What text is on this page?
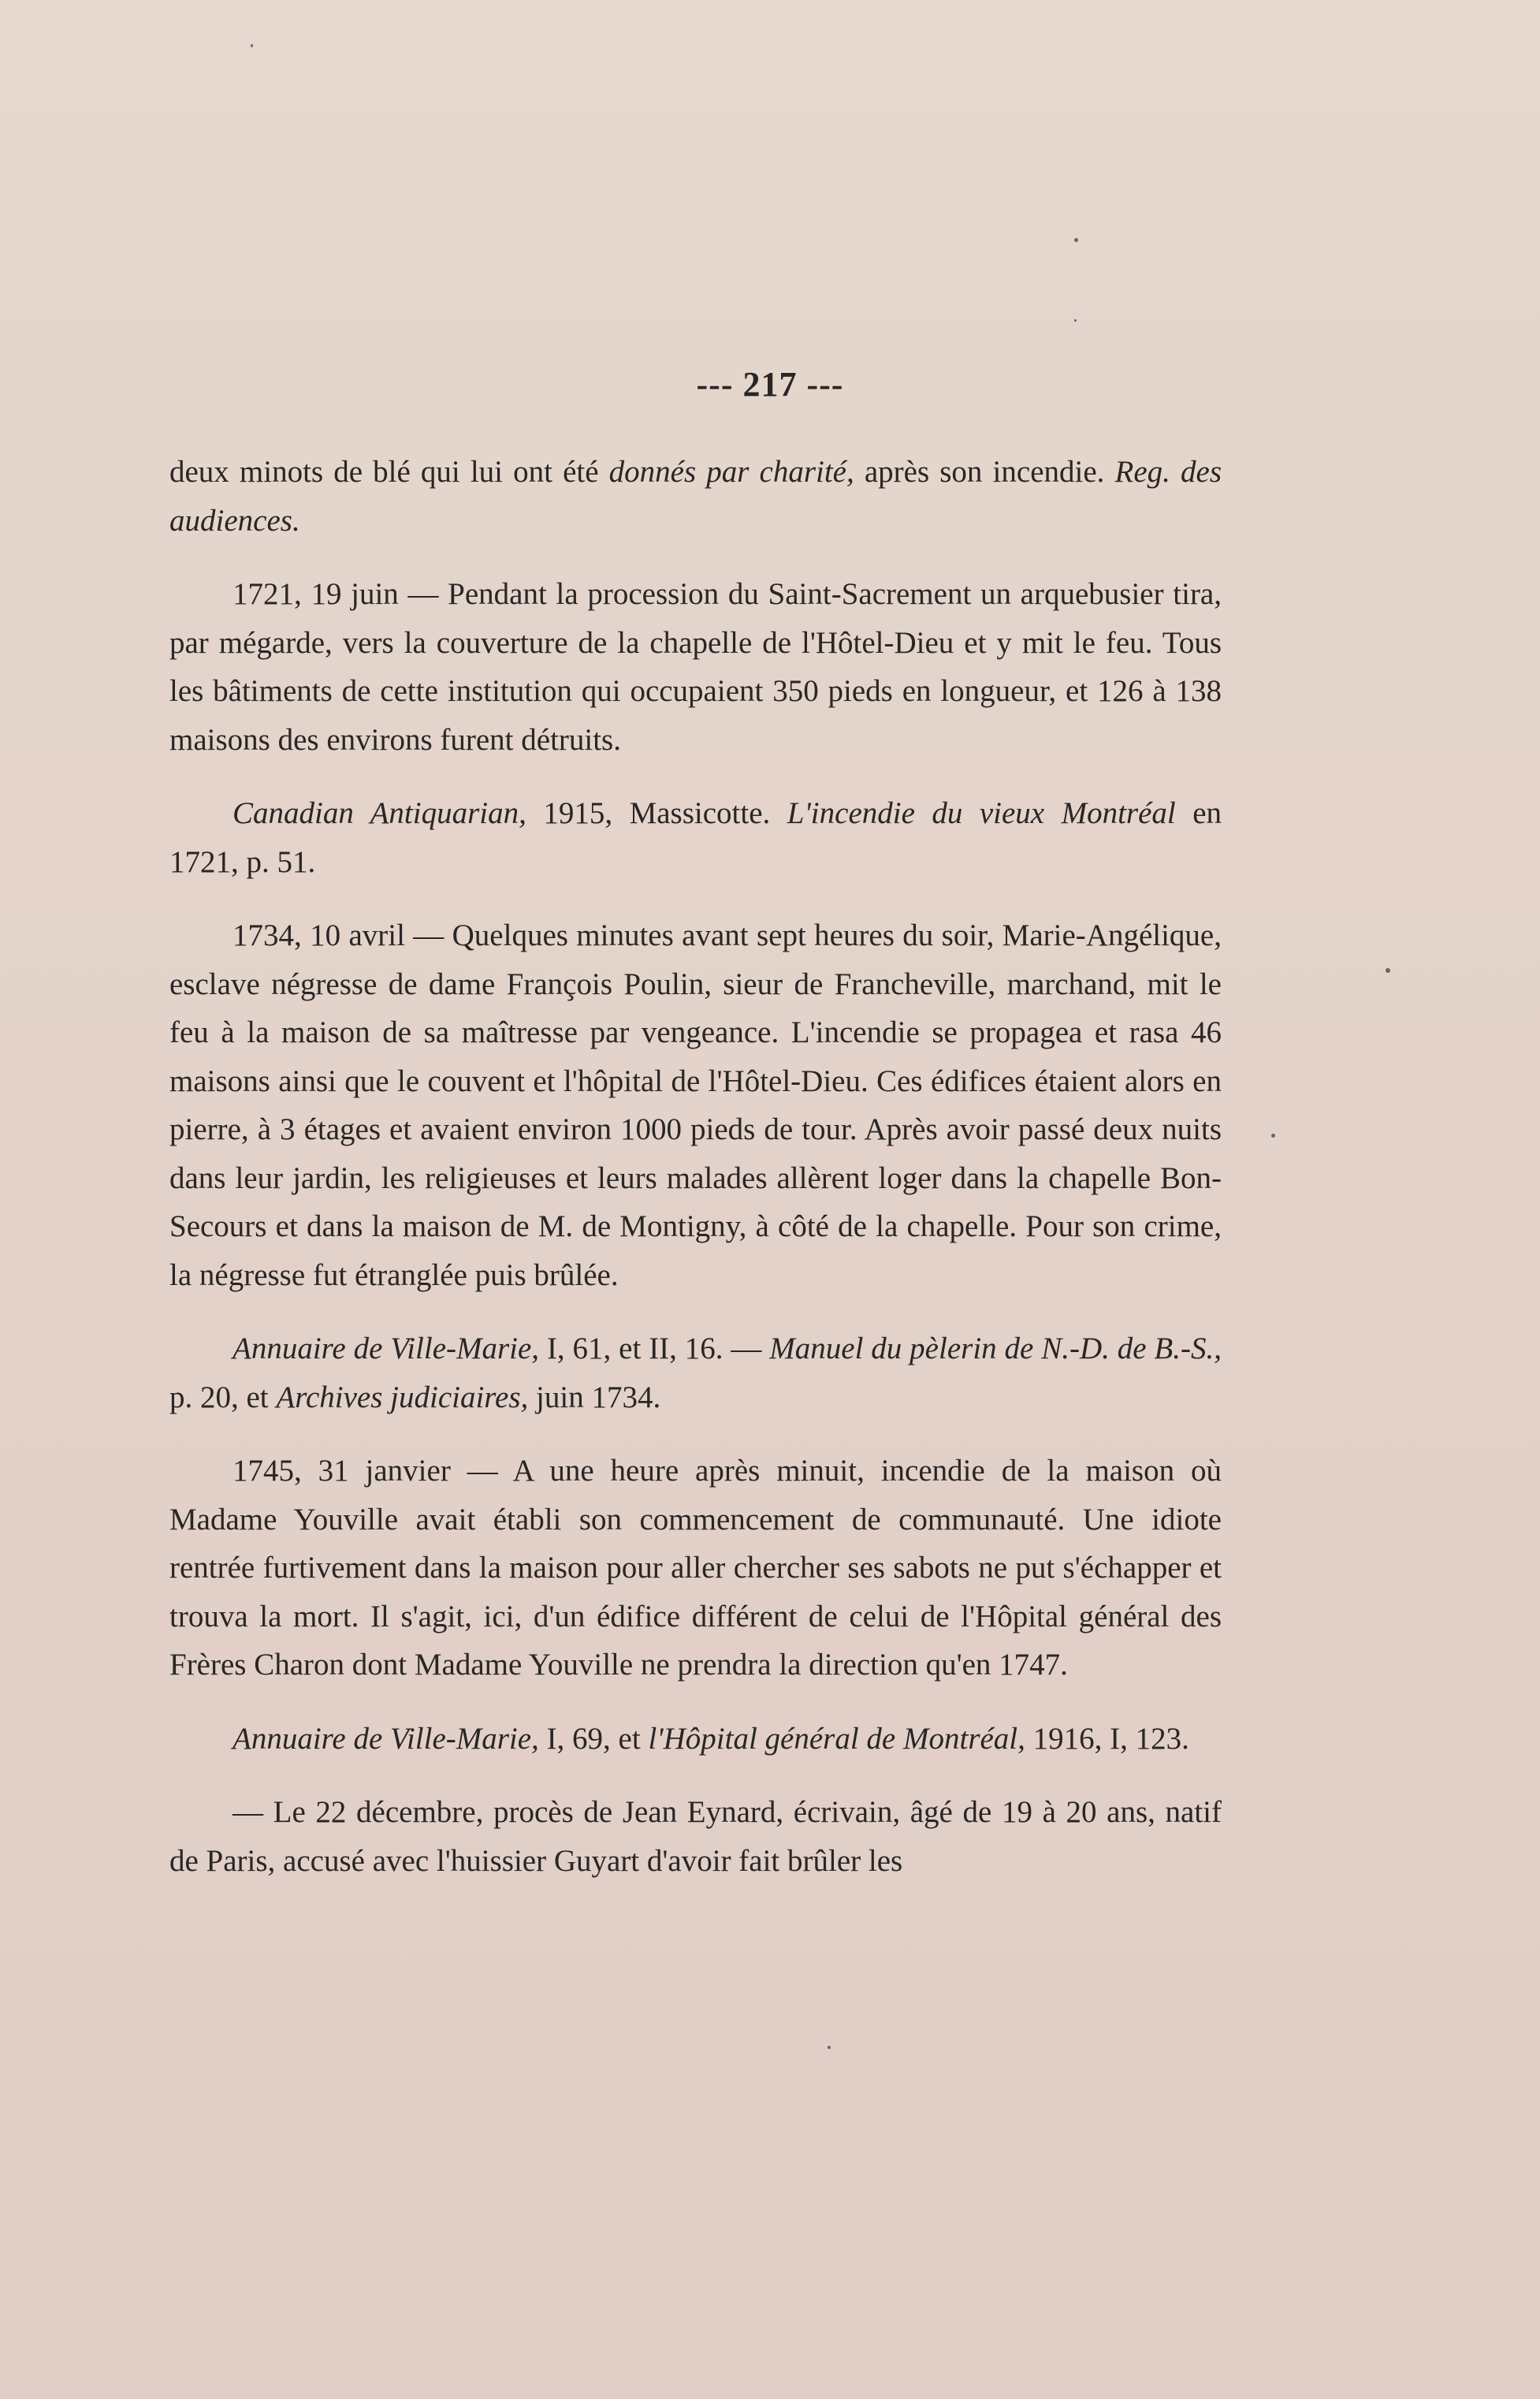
--- 217 ---

deux minots de blé qui lui ont été donnés par charité, après son incendie. Reg. des audiences.

1721, 19 juin — Pendant la procession du Saint-Sacrement un arquebusier tira, par mégarde, vers la couverture de la chapelle de l'Hôtel-Dieu et y mit le feu. Tous les bâtiments de cette institution qui occupaient 350 pieds en longueur, et 126 à 138 maisons des environs furent détruits.

Canadian Antiquarian, 1915, Massicotte. L'incendie du vieux Montréal en 1721, p. 51.

1734, 10 avril — Quelques minutes avant sept heures du soir, Marie-Angélique, esclave négresse de dame François Poulin, sieur de Francheville, marchand, mit le feu à la maison de sa maîtresse par vengeance. L'incendie se propagea et rasa 46 maisons ainsi que le couvent et l'hôpital de l'Hôtel-Dieu. Ces édifices étaient alors en pierre, à 3 étages et avaient environ 1000 pieds de tour. Après avoir passé deux nuits dans leur jardin, les religieuses et leurs malades allèrent loger dans la chapelle Bon-Secours et dans la maison de M. de Montigny, à côté de la chapelle. Pour son crime, la négresse fut étranglée puis brûlée.

Annuaire de Ville-Marie, I, 61, et II, 16. — Manuel du pèlerin de N.-D. de B.-S., p. 20, et Archives judiciaires, juin 1734.

1745, 31 janvier — A une heure après minuit, incendie de la maison où Madame Youville avait établi son commencement de communauté. Une idiote rentrée furtivement dans la maison pour aller chercher ses sabots ne put s'échapper et trouva la mort. Il s'agit, ici, d'un édifice différent de celui de l'Hôpital général des Frères Charon dont Madame Youville ne prendra la direction qu'en 1747.

Annuaire de Ville-Marie, I, 69, et l'Hôpital général de Montréal, 1916, I, 123.

— Le 22 décembre, procès de Jean Eynard, écrivain, âgé de 19 à 20 ans, natif de Paris, accusé avec l'huissier Guyart d'avoir fait brûler les
